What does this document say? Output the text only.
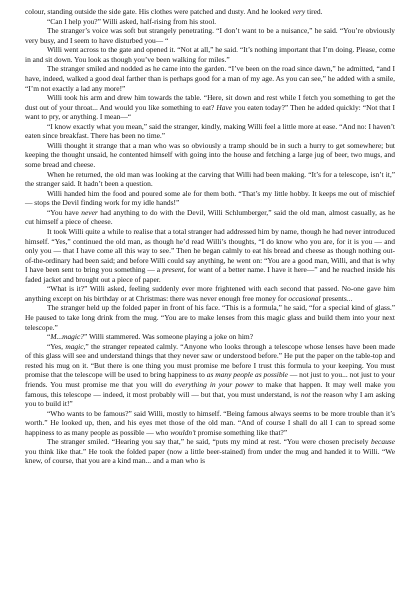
colour, standing outside the side gate. His clothes were patched and dusty. And he looked very tired.

“Can I help you?” Willi asked, half-rising from his stool.

The stranger’s voice was soft but strangely penetrating. “I don’t want to be a nuisance,” he said. “You’re obviously very busy, and I seem to have disturbed you— “

Willi went across to the gate and opened it. “Not at all,” he said. “It’s nothing important that I’m doing. Please, come in and sit down. You look as though you’ve been walking for miles.”

The stranger smiled and nodded as he came into the garden. “I’ve been on the road since dawn,” he admitted, “and I have, indeed, walked a good deal farther than is perhaps good for a man of my age. As you can see,” he added with a smile, “I’m not exactly a lad any more!”

Willi took his arm and drew him towards the table. “Here, sit down and rest while I fetch you something to get the dust out of your throat... And would you like something to eat? Have you eaten today?” Then he added quickly: “Not that I want to pry, or anything. I mean—“

“I know exactly what you mean,” said the stranger, kindly, making Willi feel a little more at ease. “And no: I haven’t eaten since breakfast. There has been no time.”

Willi thought it strange that a man who was so obviously a tramp should be in such a hurry to get somewhere; but keeping the thought unsaid, he contented himself with going into the house and fetching a large jug of beer, two mugs, and some bread and cheese.

When he returned, the old man was looking at the carving that Willi had been making. “It’s for a telescope, isn’t it,” the stranger said. It hadn’t been a question.

Willi handed him the food and poured some ale for them both. “That’s my little hobby. It keeps me out of mischief — stops the Devil finding work for my idle hands!”

“You have never had anything to do with the Devil, Willi Schlumberger,” said the old man, almost casually, as he cut himself a piece of cheese.

It took Willi quite a while to realise that a total stranger had addressed him by name, though he had never introduced himself. “Yes,” continued the old man, as though he’d read Willi’s thoughts, “I do know who you are, for it is you — and only you — that I have come all this way to see.” Then he began calmly to eat his bread and cheese as though nothing out-of-the-ordinary had been said; and before Willi could say anything, he went on: “You are a good man, Willi, and that is why I have been sent to bring you something — a present, for want of a better name. I have it here—” and he reached inside his faded jacket and brought out a piece of paper.

“What is it?” Willi asked, feeling suddenly ever more frightened with each second that passed. No-one gave him anything except on his birthday or at Christmas: there was never enough free money for occasional presents...

The stranger held up the folded paper in front of his face. “This is a formula,” he said, “for a special kind of glass.” He paused to take long drink from the mug. “You are to make lenses from this magic glass and build them into your next telescope.”

“M...magic?” Willi stammered. Was someone playing a joke on him?

“Yes, magic,” the stranger repeated calmly. “Anyone who looks through a telescope whose lenses have been made of this glass will see and understand things that they never saw or understood before.” He put the paper on the table-top and rested his mug on it. “But there is one thing you must promise me before I trust this formula to your keeping. You must promise that the telescope will be used to bring happiness to as many people as possible — not just to you... not just to your friends. You must promise me that you will do everything in your power to make that happen. It may well make you famous, this telescope — indeed, it most probably will — but that, you must understand, is not the reason why I am asking you to build it!”

“Who wants to be famous?” said Willi, mostly to himself. “Being famous always seems to be more trouble than it’s worth.” He looked up, then, and his eyes met those of the old man. “And of course I shall do all I can to spread some happiness to as many people as possible — who wouldn’t promise something like that?”

The stranger smiled. “Hearing you say that,” he said, “puts my mind at rest. “You were chosen precisely because you think like that.” He took the folded paper (now a little beer-stained) from under the mug and handed it to Willi. “We knew, of course, that you are a kind man... and a man who is
